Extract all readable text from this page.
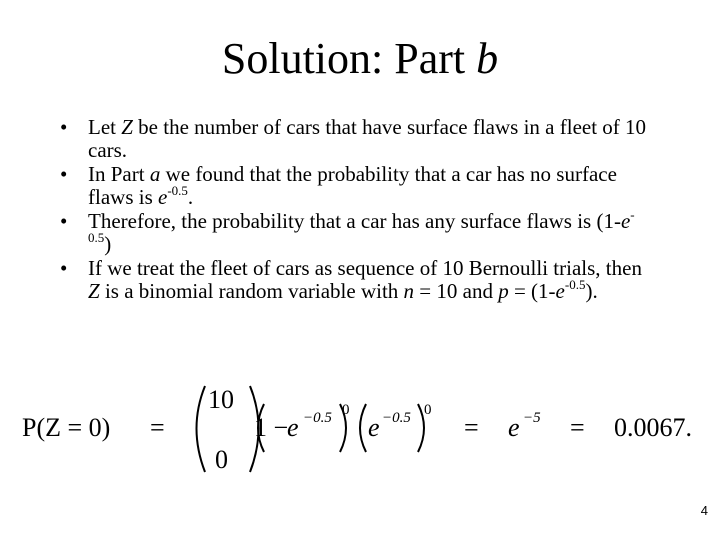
Solution: Part b
• Let Z be the number of cars that have surface flaws in a fleet of 10 cars.
• In Part a we found that the probability that a car has no surface flaws is $e^{-0.5}$.
• Therefore, the probability that a car has any surface flaws is $(1-e^{-0.5})$
• If we treat the fleet of cars as sequence of 10 Bernoulli trials, then Z is a binomial random variable with n = 10 and $p = (1-e^{-0.5})$.
P(Z = 0) =
10
0
1 −
e −0.5 0
e −0.5 0
= e −5 = 0.0067.
4
